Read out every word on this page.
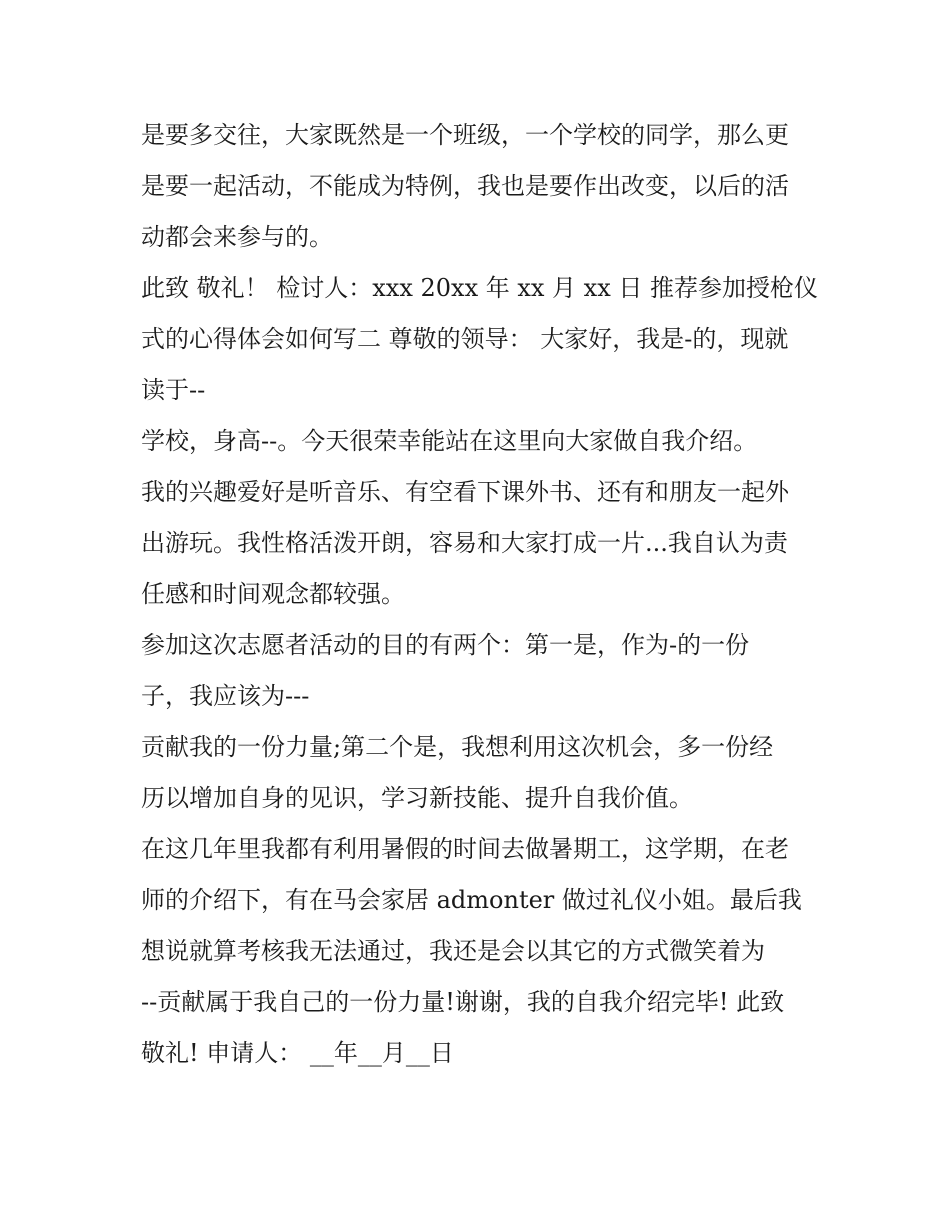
是要多交往，大家既然是一个班级，一个学校的同学，那么更
是要一起活动，不能成为特例，我也是要作出改变，以后的活
动都会来参与的。
此致 敬礼！ 检讨人：xxx 20xx 年 xx 月 xx 日 推荐参加授枪仪
式的心得体会如何写二 尊敬的领导： 大家好，我是-的，现就
读于--
学校，身高--。今天很荣幸能站在这里向大家做自我介绍。
我的兴趣爱好是听音乐、有空看下课外书、还有和朋友一起外
出游玩。我性格活泼开朗，容易和大家打成一片...我自认为责
任感和时间观念都较强。
参加这次志愿者活动的目的有两个：第一是，作为-的一份
子，我应该为---
贡献我的一份力量;第二个是，我想利用这次机会，多一份经
历以增加自身的见识，学习新技能、提升自我价值。
在这几年里我都有利用暑假的时间去做暑期工，这学期，在老
师的介绍下，有在马会家居 admonter 做过礼仪小姐。最后我
想说就算考核我无法通过，我还是会以其它的方式微笑着为
--贡献属于我自己的一份力量!谢谢，我的自我介绍完毕! 此致
敬礼! 申请人： __年__月__日
